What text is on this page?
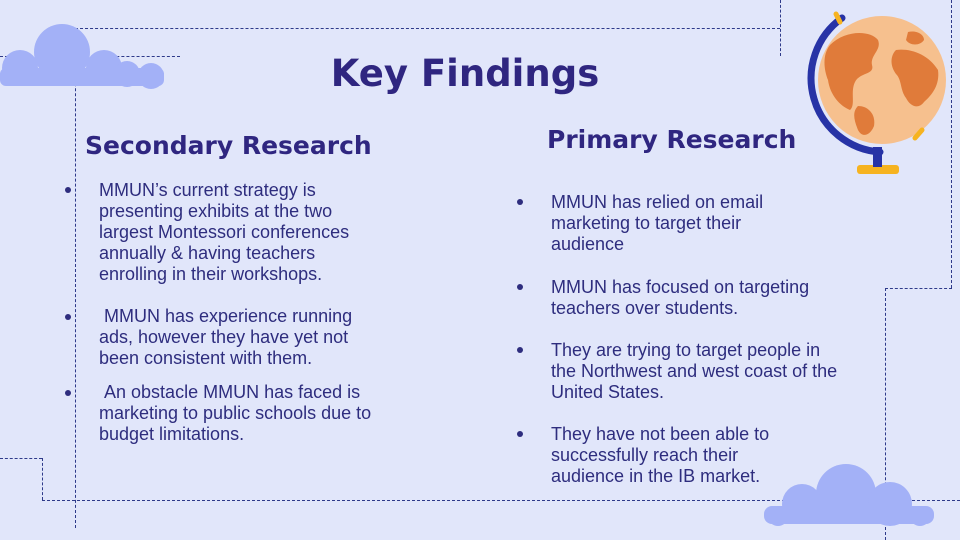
Key Findings
Secondary Research
MMUN’s current strategy is presenting exhibits at the two largest Montessori conferences annually & having teachers enrolling in their workshops.
MMUN has experience running ads, however they have yet not been consistent with them.
An obstacle MMUN has faced is marketing to public schools due to budget limitations.
Primary Research
MMUN has relied on email marketing to target their audience
MMUN has focused on targeting teachers over students.
They are trying to target people in the Northwest and west coast of the United States.
They have not been able to successfully reach their audience in the IB market.
